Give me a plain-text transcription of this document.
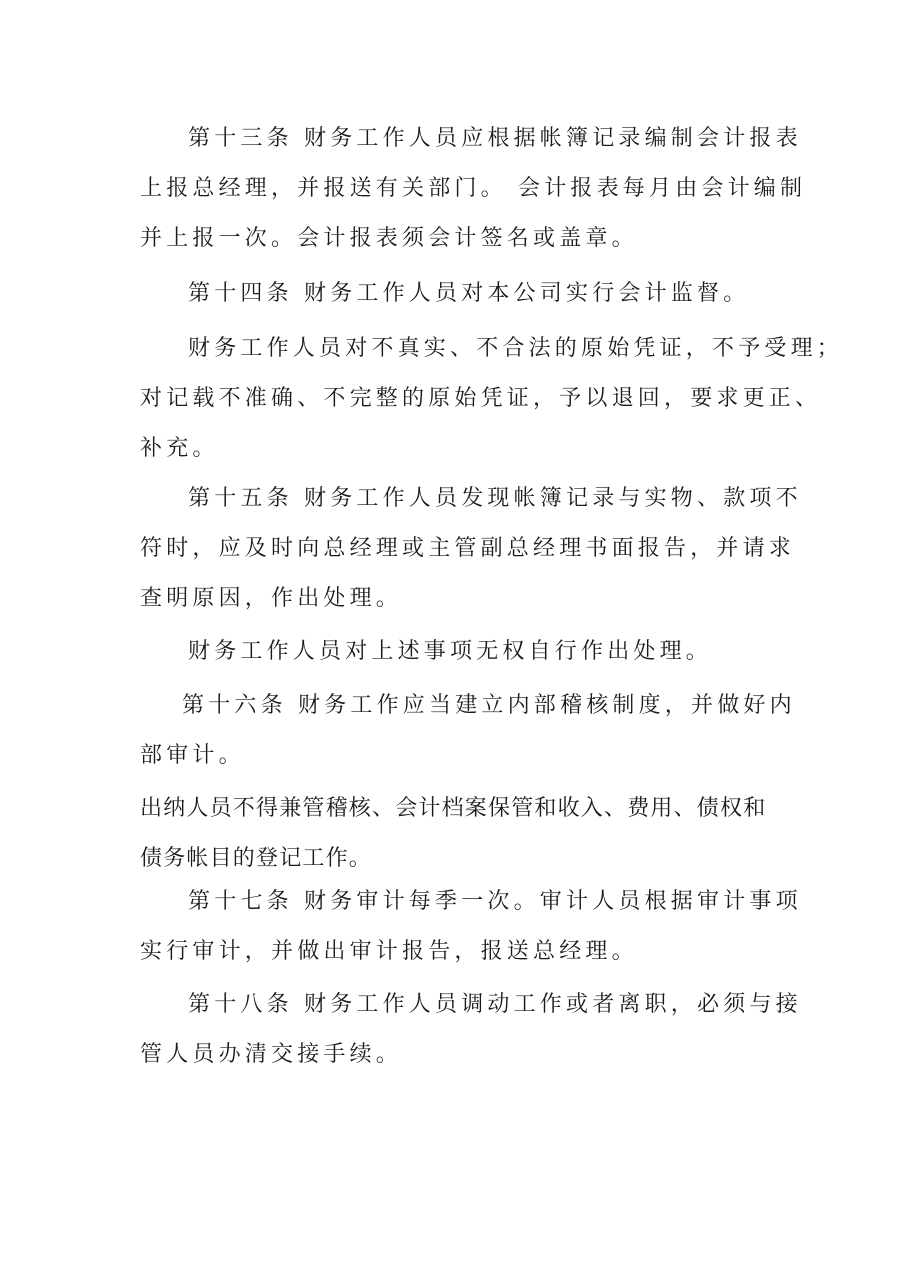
第十三条 财务工作人员应根据帐簿记录编制会计报表
上报总经理，并报送有关部门。 会计报表每月由会计编制
并上报一次。会计报表须会计签名或盖章。

第十四条 财务工作人员对本公司实行会计监督。

财务工作人员对不真实、不合法的原始凭证，不予受理；
对记载不准确、不完整的原始凭证，予以退回，要求更正、
补充。

第十五条 财务工作人员发现帐簿记录与实物、款项不
符时，应及时向总经理或主管副总经理书面报告，并请求
查明原因，作出处理。

财务工作人员对上述事项无权自行作出处理。

第十六条 财务工作应当建立内部稽核制度，并做好内
部审计。

出纳人员不得兼管稽核、会计档案保管和收入、费用、债权和
债务帐目的登记工作。

第十七条 财务审计每季一次。审计人员根据审计事项
实行审计，并做出审计报告，报送总经理。

第十八条 财务工作人员调动工作或者离职，必须与接
管人员办清交接手续。
